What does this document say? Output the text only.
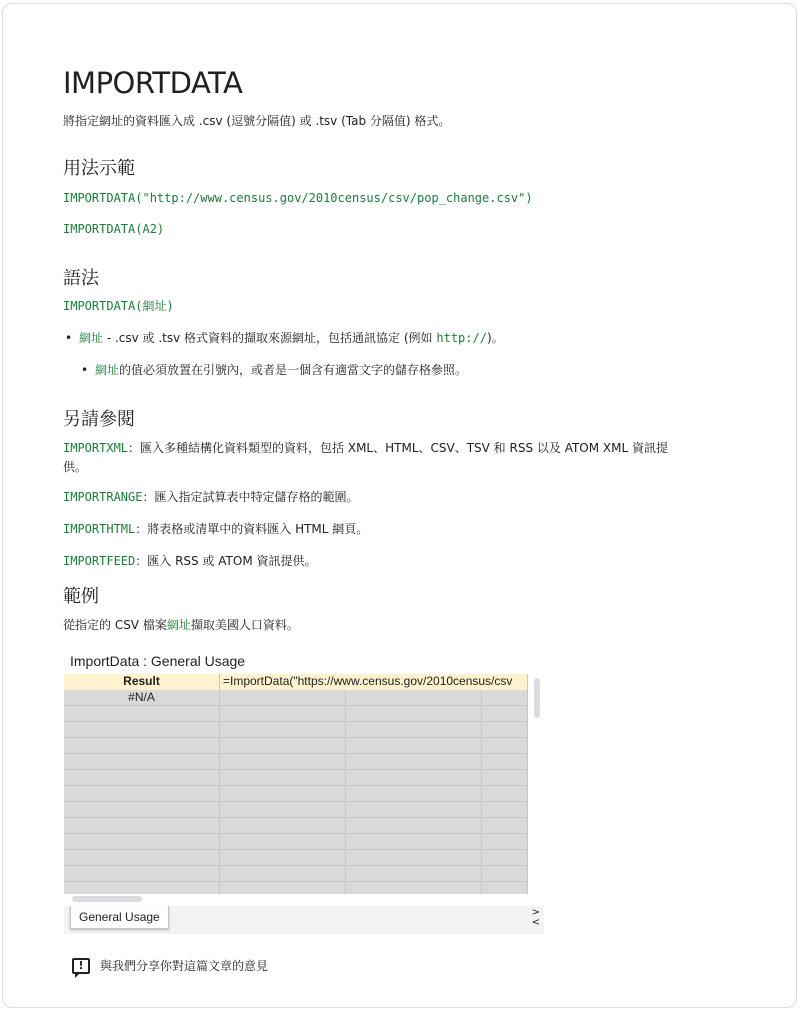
IMPORTDATA

將指定網址的資料匯入成 .csv (逗號分隔值) 或 .tsv (Tab 分隔值) 格式。

用法示範
IMPORTDATA("http://www.census.gov/2010census/csv/pop_change.csv")
IMPORTDATA(A2)
語法
IMPORTDATA(網址)
• 網址 - .csv 或 .tsv 格式資料的擷取來源網址，包括通訊協定 (例如 http://)。
• 網址的值必須放置在引號內，或者是一個含有適當文字的儲存格參照。
另請參閱
IMPORTXML：匯入多種結構化資料類型的資料，包括 XML、HTML、CSV、TSV 和 RSS 以及 ATOM XML 資訊提
供。
IMPORTRANGE：匯入指定試算表中特定儲存格的範圍。
IMPORTHTML：將表格或清單中的資料匯入 HTML 網頁。
IMPORTFEED：匯入 RSS 或 ATOM 資訊提供。
範例
從指定的 CSV 檔案網址擷取美國人口資料。
ImportData : General Usage
Result	=ImportData("https://www.census.gov/2010census/csv
#N/A
General Usage	>
<
!	與我們分享你對這篇文章的意見
